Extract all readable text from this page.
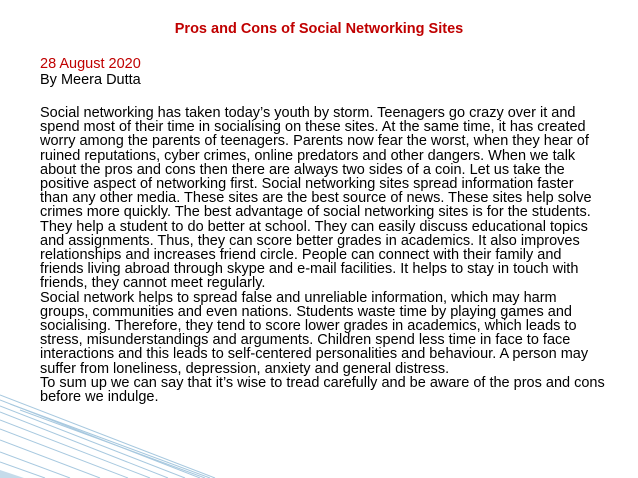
Pros and Cons of Social Networking Sites
28 August 2020
By Meera Dutta

Social networking has taken today’s youth by storm. Teenagers go crazy over it and spend most of their time in socialising on these sites. At the same time, it has created worry among the parents of teenagers. Parents now fear the worst, when they hear of ruined reputations, cyber crimes, online predators and other dangers. When we talk about the pros and cons then there are always two sides of a coin. Let us take the positive aspect of networking first. Social networking sites spread information faster than any other media. These sites are the best source of news. These sites help solve crimes more quickly. The best advantage of social networking sites is for the students. They help a student to do better at school. They can easily discuss educational topics and assignments. Thus, they can score better grades in academics. It also improves relationships and increases friend circle. People can connect with their family and friends living abroad through skype and e-mail facilities. It helps to stay in touch with friends, they cannot meet regularly.

Social network helps to spread false and unreliable information, which may harm groups, communities and even nations. Students waste time by playing games and socialising. Therefore, they tend to score lower grades in academics, which leads to stress, misunderstandings and arguments. Children spend less time in face to face interactions and this leads to self-centered personalities and behaviour. A person may suffer from loneliness, depression, anxiety and general distress.

To sum up we can say that it’s wise to tread carefully and be aware of the pros and cons before we indulge.
